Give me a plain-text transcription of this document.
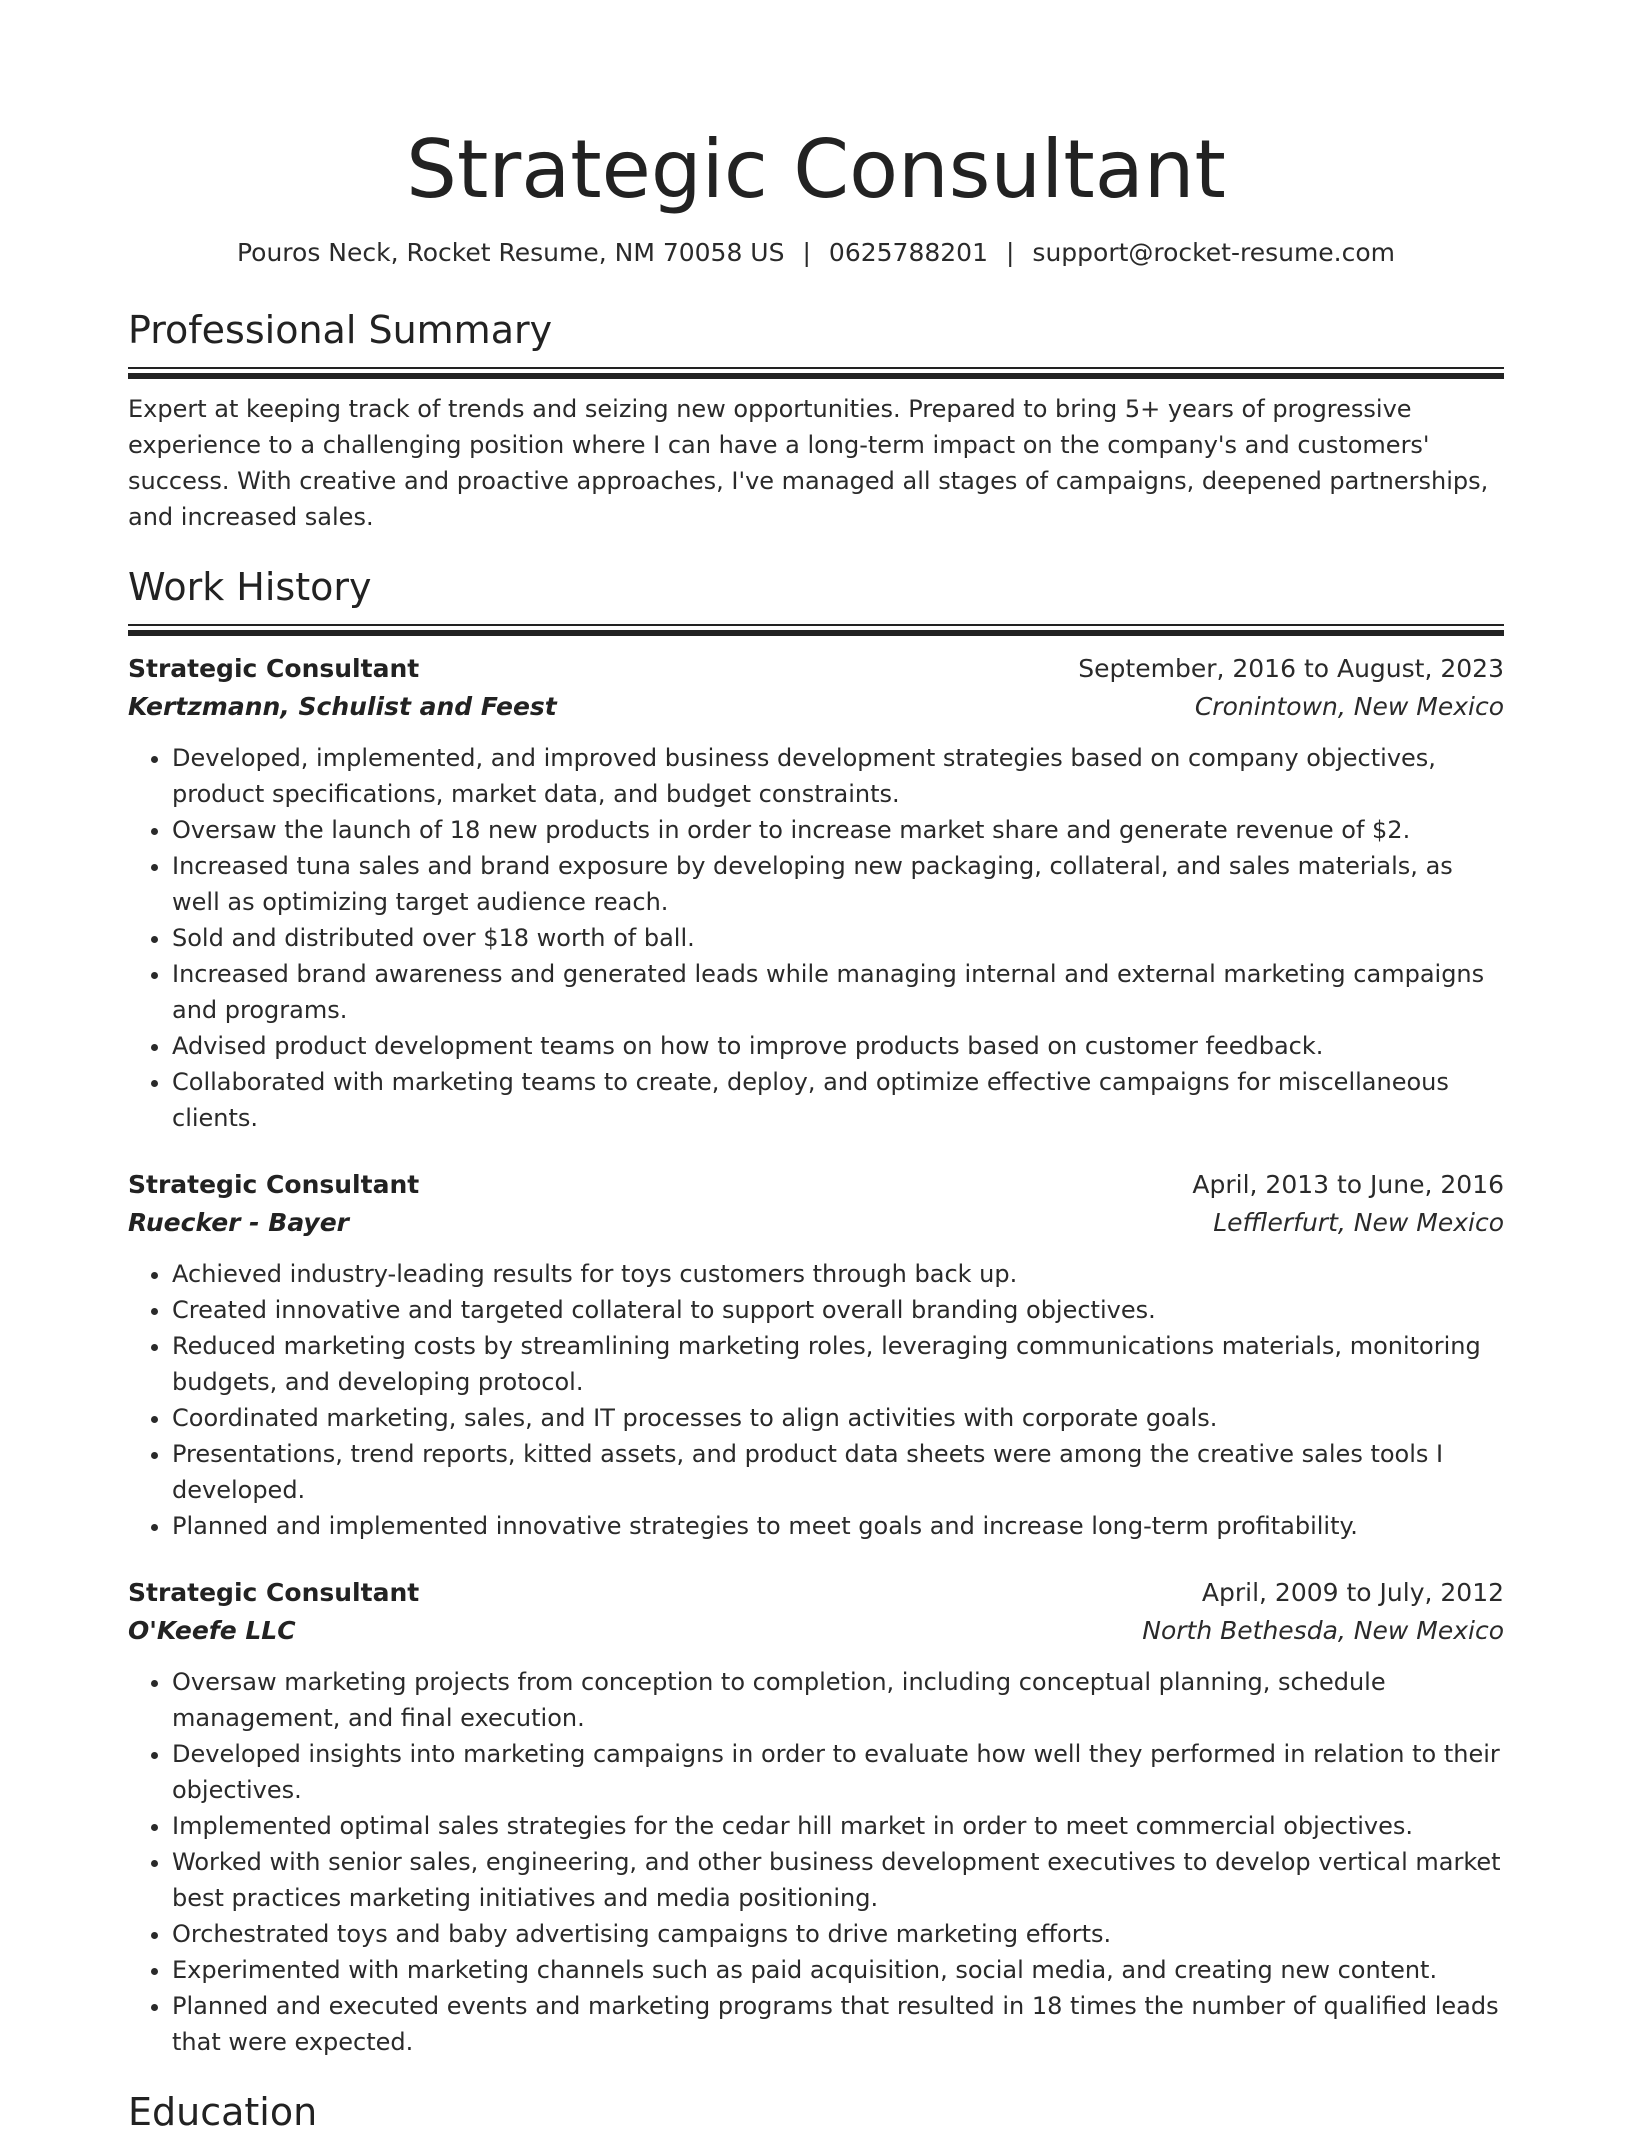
Strategic Consultant
Pouros Neck, Rocket Resume, NM 70058 US | 0625788201 | support@rocket-resume.com
Professional Summary

Expert at keeping track of trends and seizing new opportunities. Prepared to bring 5+ years of progressive experience to a challenging position where I can have a long-term impact on the company's and customers' success. With creative and proactive approaches, I've managed all stages of campaigns, deepened partnerships, and increased sales.

Work History
Strategic Consultant	September, 2016 to August, 2023
Kertzmann, Schulist and Feest	Cronintown, New Mexico
• Developed, implemented, and improved business development strategies based on company objectives, product specifications, market data, and budget constraints.
• Oversaw the launch of 18 new products in order to increase market share and generate revenue of $2.
• Increased tuna sales and brand exposure by developing new packaging, collateral, and sales materials, as well as optimizing target audience reach.
• Sold and distributed over $18 worth of ball.
• Increased brand awareness and generated leads while managing internal and external marketing campaigns and programs.
• Advised product development teams on how to improve products based on customer feedback.
• Collaborated with marketing teams to create, deploy, and optimize effective campaigns for miscellaneous clients.
Strategic Consultant	April, 2013 to June, 2016
Ruecker - Bayer	Lefflerfurt, New Mexico
• Achieved industry-leading results for toys customers through back up.
• Created innovative and targeted collateral to support overall branding objectives.
• Reduced marketing costs by streamlining marketing roles, leveraging communications materials, monitoring budgets, and developing protocol.
• Coordinated marketing, sales, and IT processes to align activities with corporate goals.
• Presentations, trend reports, kitted assets, and product data sheets were among the creative sales tools I developed.
• Planned and implemented innovative strategies to meet goals and increase long-term profitability.
Strategic Consultant	April, 2009 to July, 2012
O'Keefe LLC	North Bethesda, New Mexico
• Oversaw marketing projects from conception to completion, including conceptual planning, schedule management, and final execution.
• Developed insights into marketing campaigns in order to evaluate how well they performed in relation to their objectives.
• Implemented optimal sales strategies for the cedar hill market in order to meet commercial objectives.
• Worked with senior sales, engineering, and other business development executives to develop vertical market best practices marketing initiatives and media positioning.
• Orchestrated toys and baby advertising campaigns to drive marketing efforts.
• Experimented with marketing channels such as paid acquisition, social media, and creating new content.
• Planned and executed events and marketing programs that resulted in 18 times the number of qualified leads that were expected.
Education
